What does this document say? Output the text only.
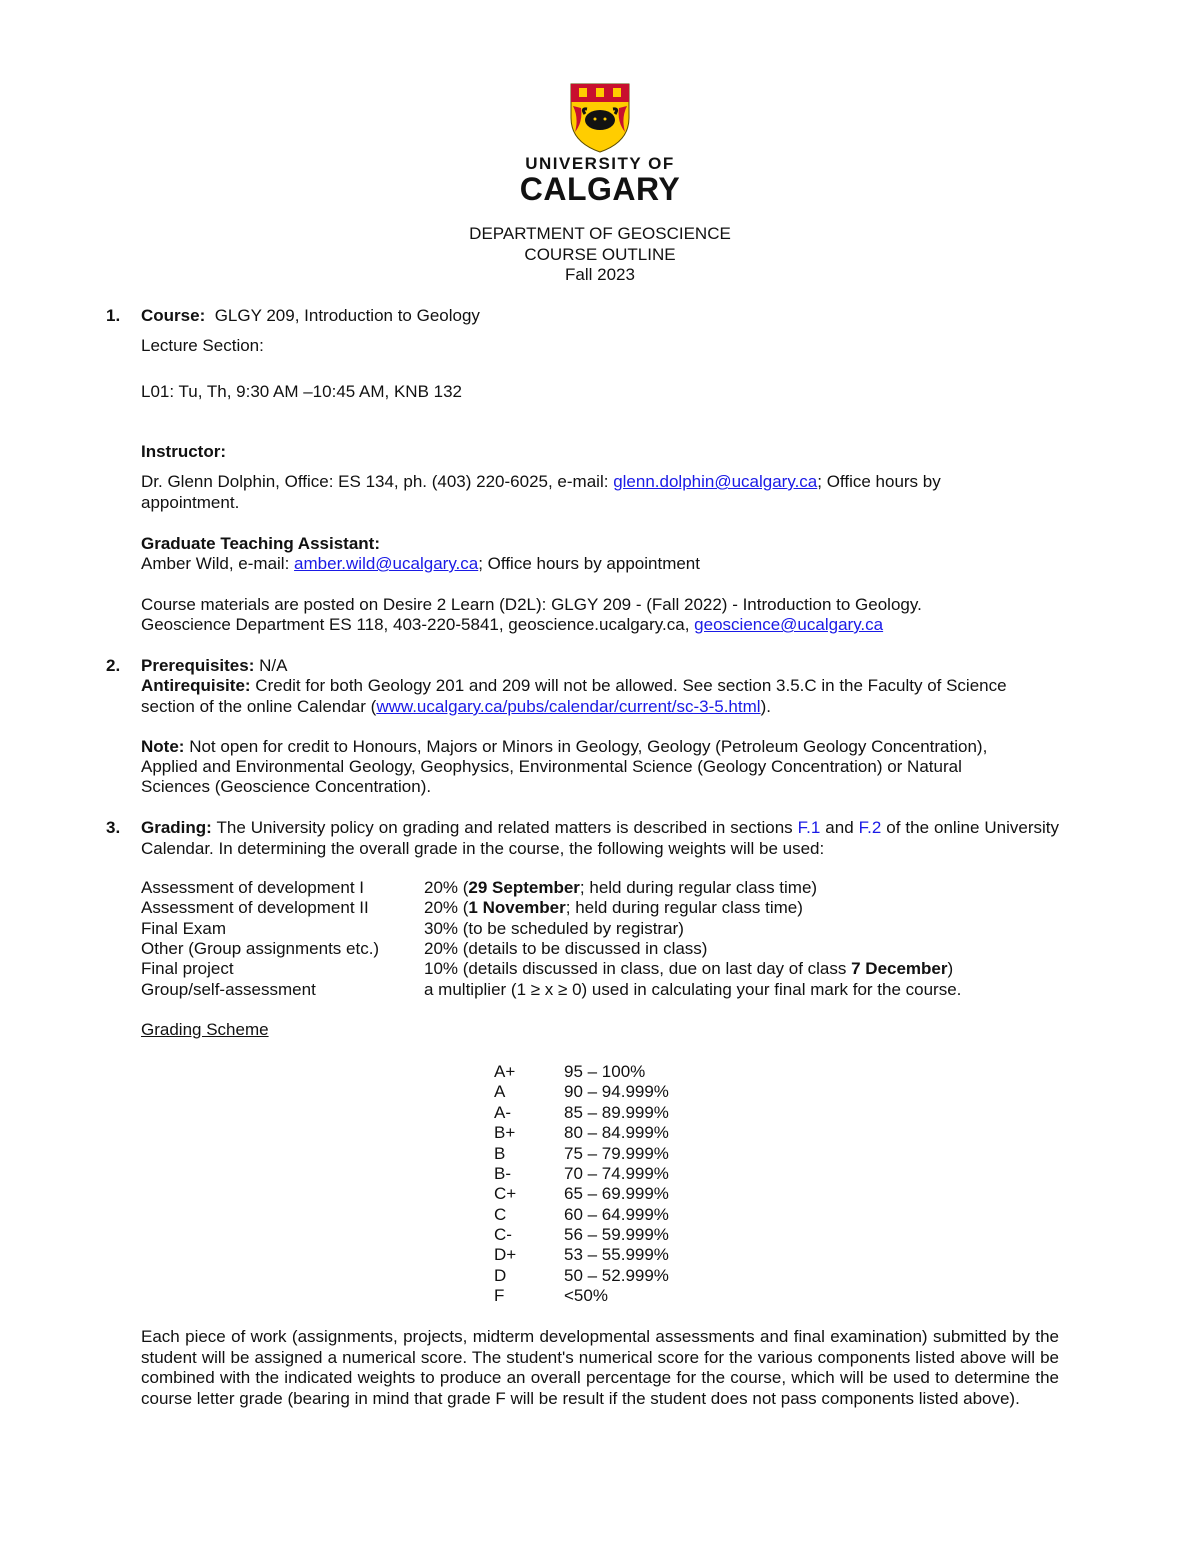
UNIVERSITY OF
CALGARY
DEPARTMENT OF GEOSCIENCE
COURSE OUTLINE
Fall 2023
1. Course: GLGY 209, Introduction to Geology
Lecture Section:
L01: Tu, Th, 9:30 AM –10:45 AM, KNB 132
Instructor:
Dr. Glenn Dolphin, Office: ES 134, ph. (403) 220-6025, e-mail: glenn.dolphin@ucalgary.ca; Office hours by
appointment.
Graduate Teaching Assistant:
Amber Wild, e-mail: amber.wild@ucalgary.ca; Office hours by appointment
Course materials are posted on Desire 2 Learn (D2L): GLGY 209 - (Fall 2022) - Introduction to Geology.
Geoscience Department ES 118, 403-220-5841, geoscience.ucalgary.ca, geoscience@ucalgary.ca
2. Prerequisites: N/A
Antirequisite: Credit for both Geology 201 and 209 will not be allowed. See section 3.5.C in the Faculty of Science
section of the online Calendar (www.ucalgary.ca/pubs/calendar/current/sc-3-5.html).
Note: Not open for credit to Honours, Majors or Minors in Geology, Geology (Petroleum Geology Concentration),
Applied and Environmental Geology, Geophysics, Environmental Science (Geology Concentration) or Natural
Sciences (Geoscience Concentration).
3. Grading: The University policy on grading and related matters is described in sections F.1 and F.2 of the online University Calendar. In determining the overall grade in the course, the following weights will be used:
Assessment of development I	20% (29 September; held during regular class time)
Assessment of development II	20% (1 November; held during regular class time)
Final Exam	30% (to be scheduled by registrar)
Other (Group assignments etc.)	20% (details to be discussed in class)
Final project	10% (details discussed in class, due on last day of class 7 December)
Group/self-assessment	a multiplier (1 ≥ x ≥ 0) used in calculating your final mark for the course.
Grading Scheme
A+	95 – 100%
A	90 – 94.999%
A-	85 – 89.999%
B+	80 – 84.999%
B	75 – 79.999%
B-	70 – 74.999%
C+	65 – 69.999%
C	60 – 64.999%
C-	56 – 59.999%
D+	53 – 55.999%
D	50 – 52.999%
F	<50%
Each piece of work (assignments, projects, midterm developmental assessments and final examination) submitted by the student will be assigned a numerical score. The student's numerical score for the various components listed above will be combined with the indicated weights to produce an overall percentage for the course, which will be used to determine the course letter grade (bearing in mind that grade F will be result if the student does not pass components listed above).
